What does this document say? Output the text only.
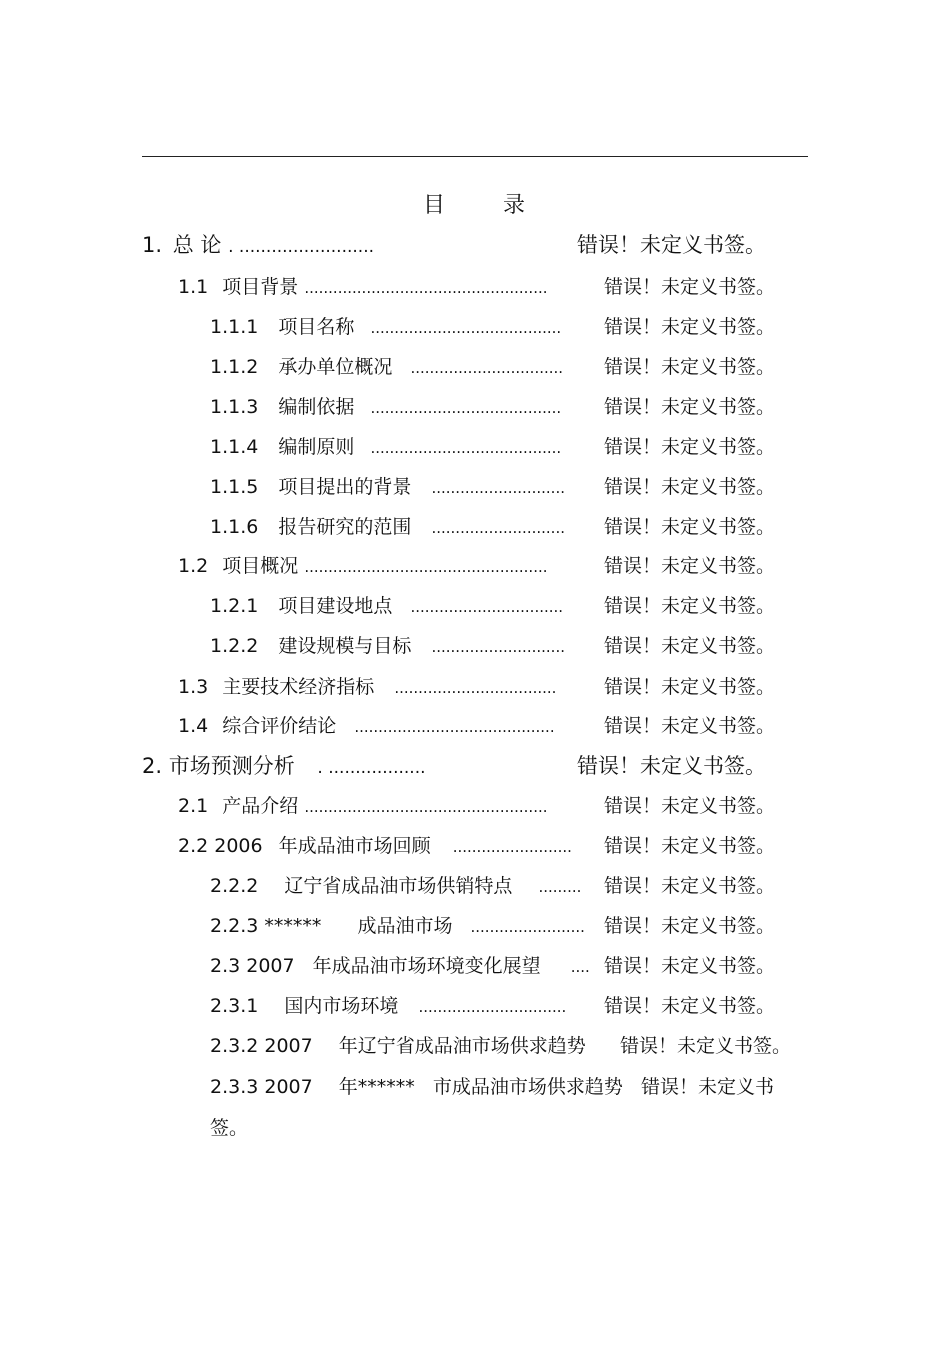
目	录
1. 总 论 . .........................	错误！未定义书签。
1.1 项目背景 ...................................................	错误！未定义书签。
1.1.1 项目名称 ........................................ 错误！未定义书签。
1.1.2 承办单位概况 ................................ 错误！未定义书签。
1.1.3 编制依据 ........................................ 错误！未定义书签。
1.1.4 编制原则 ........................................ 错误！未定义书签。
1.1.5 项目提出的背景 ............................ 错误！未定义书签。
1.1.6 报告研究的范围 ............................ 错误！未定义书签。
1.2 项目概况 ...................................................	错误！未定义书签。
1.2.1 项目建设地点 ................................ 错误！未定义书签。
1.2.2 建设规模与目标 ............................ 错误！未定义书签。
1.3 主要技术经济指标 ..................................	错误！未定义书签。
1.4 综合评价结论 ..........................................	错误！未定义书签。
2. 市场预测分析 . ..................	错误！未定义书签。
2.1 产品介绍 ...................................................	错误！未定义书签。
2.2 2006 年成品油市场回顾 ......................... 错误！未定义书签。
2.2.2 辽宁省成品油市场供销特点 ......... 错误！未定义书签。
2.2.3 ****** 成品油市场 ........................ 错误！未定义书签。
2.3 2007 年成品油市场环境变化展望 .... 错误！未定义书签。
2.3.1 国内市场环境 ............................... 错误！未定义书签。
2.3.2 2007 年辽宁省成品油市场供求趋势 错误！未定义书签。
2.3.3 2007 年******   市成品油市场供求趋势 错误！未定义书
签。
